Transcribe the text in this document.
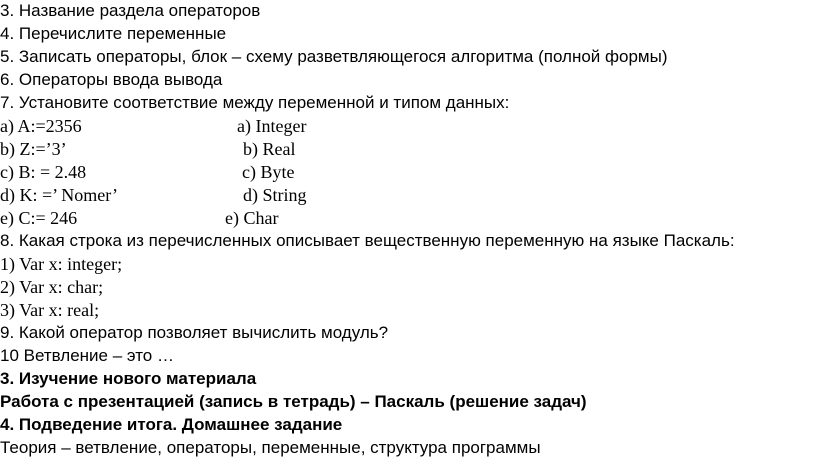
3. Название раздела операторов
4. Перечислите переменные
5. Записать операторы, блок – схему разветвляющегося алгоритма (полной формы)
6. Операторы ввода вывода
7. Установите соответствие между переменной и типом данных:
a) A:=2356	a) Integer
b) Z:=’3’	b) Real
c) B: = 2.48	c) Byte
d) K: =’ Nomer’	d) String
e) C:= 246	e) Char
8. Какая строка из перечисленных описывает вещественную переменную на языке Паскаль:
1) Var x: integer;
2) Var x: char;
3) Var x: real;
9. Какой оператор позволяет вычислить модуль?
10 Ветвление – это …
3. Изучение нового материала
Работа с презентацией (запись в тетрадь) – Паскаль (решение задач)
4. Подведение итога. Домашнее задание
Теория – ветвление, операторы, переменные, структура программы
